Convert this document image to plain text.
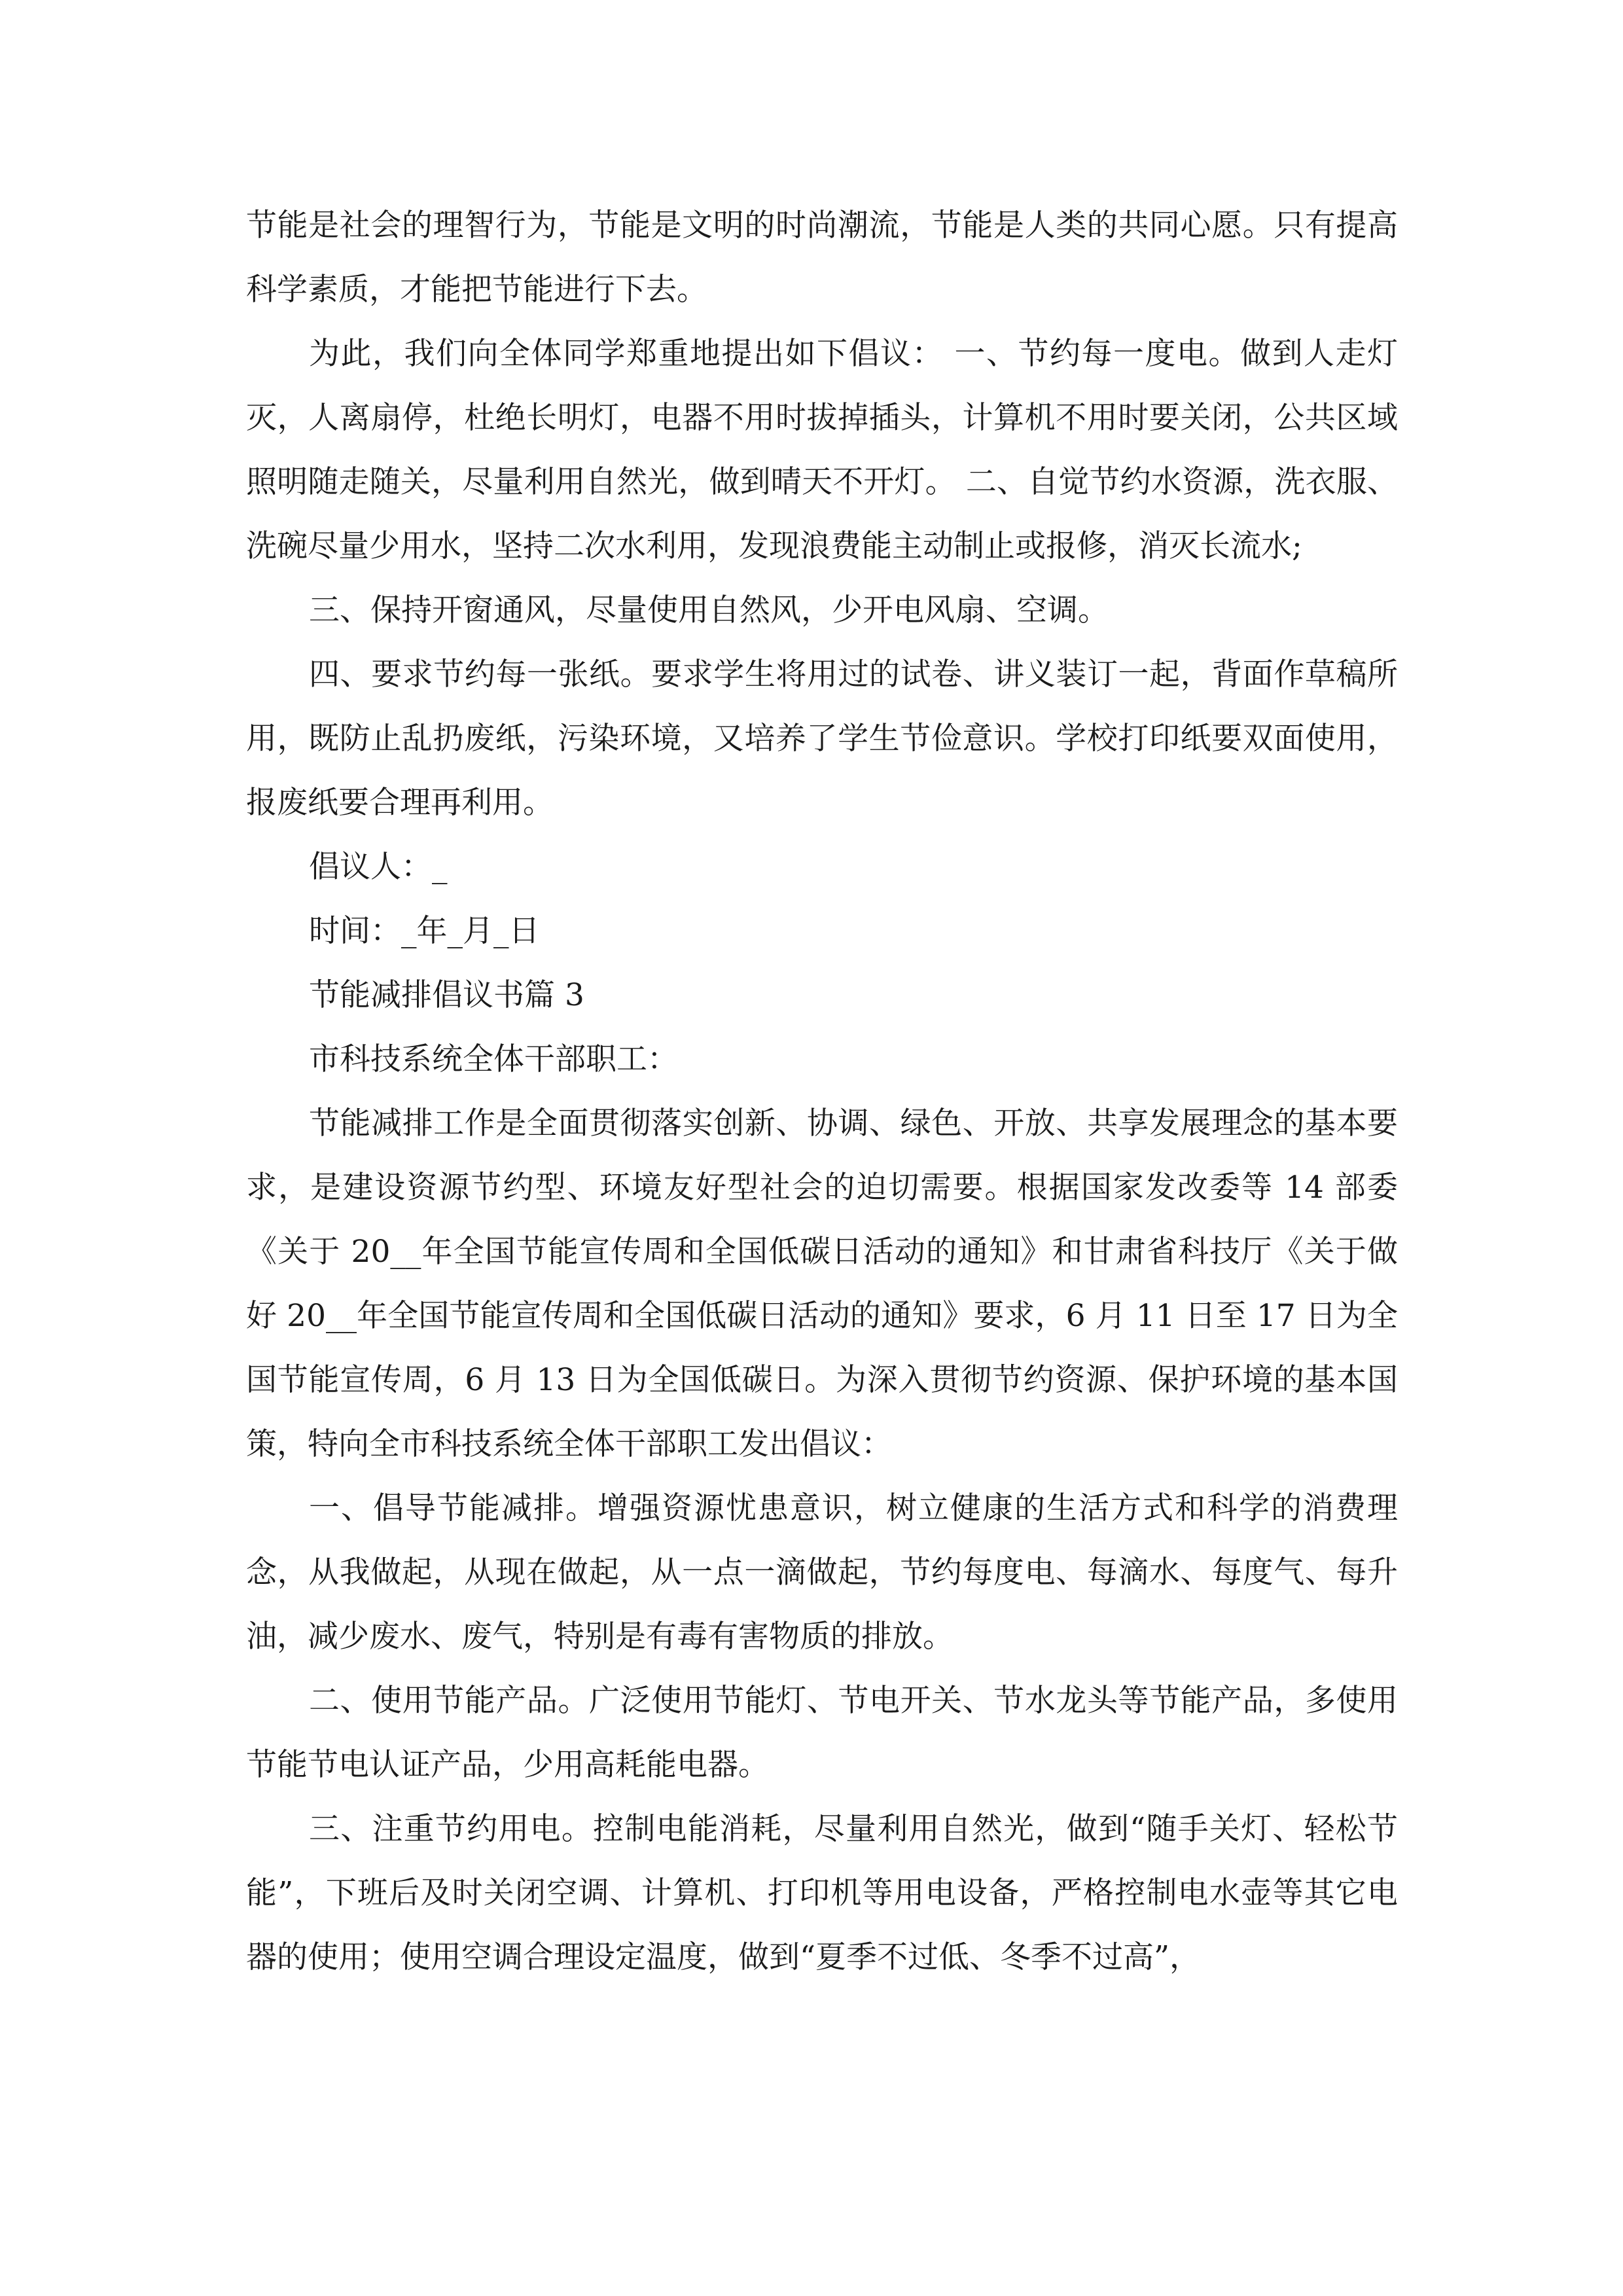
节能是社会的理智行为，节能是文明的时尚潮流，节能是人类的共同心愿。只有提高科学素质，才能把节能进行下去。

为此，我们向全体同学郑重地提出如下倡议： 一、节约每一度电。做到人走灯灭，人离扇停，杜绝长明灯，电器不用时拔掉插头，计算机不用时要关闭，公共区域照明随走随关，尽量利用自然光，做到晴天不开灯。 二、自觉节约水资源，洗衣服、洗碗尽量少用水，坚持二次水利用，发现浪费能主动制止或报修，消灭长流水;

三、保持开窗通风，尽量使用自然风，少开电风扇、空调。

四、要求节约每一张纸。要求学生将用过的试卷、讲义装订一起，背面作草稿所用，既防止乱扔废纸，污染环境，又培养了学生节俭意识。学校打印纸要双面使用，报废纸要合理再利用。

倡议人：_

时间：_年_月_日

节能减排倡议书篇 3

市科技系统全体干部职工：

节能减排工作是全面贯彻落实创新、协调、绿色、开放、共享发展理念的基本要求，是建设资源节约型、环境友好型社会的迫切需要。根据国家发改委等 14 部委《关于 20__年全国节能宣传周和全国低碳日活动的通知》和甘肃省科技厅《关于做好 20__年全国节能宣传周和全国低碳日活动的通知》要求，6 月 11 日至 17 日为全国节能宣传周，6 月 13 日为全国低碳日。为深入贯彻节约资源、保护环境的基本国策，特向全市科技系统全体干部职工发出倡议：

一、倡导节能减排。增强资源忧患意识，树立健康的生活方式和科学的消费理念，从我做起，从现在做起，从一点一滴做起，节约每度电、每滴水、每度气、每升油，减少废水、废气，特别是有毒有害物质的排放。

二、使用节能产品。广泛使用节能灯、节电开关、节水龙头等节能产品，多使用节能节电认证产品，少用高耗能电器。

三、注重节约用电。控制电能消耗，尽量利用自然光，做到“随手关灯、轻松节能”，下班后及时关闭空调、计算机、打印机等用电设备，严格控制电水壶等其它电器的使用；使用空调合理设定温度，做到“夏季不过低、冬季不过高”，
